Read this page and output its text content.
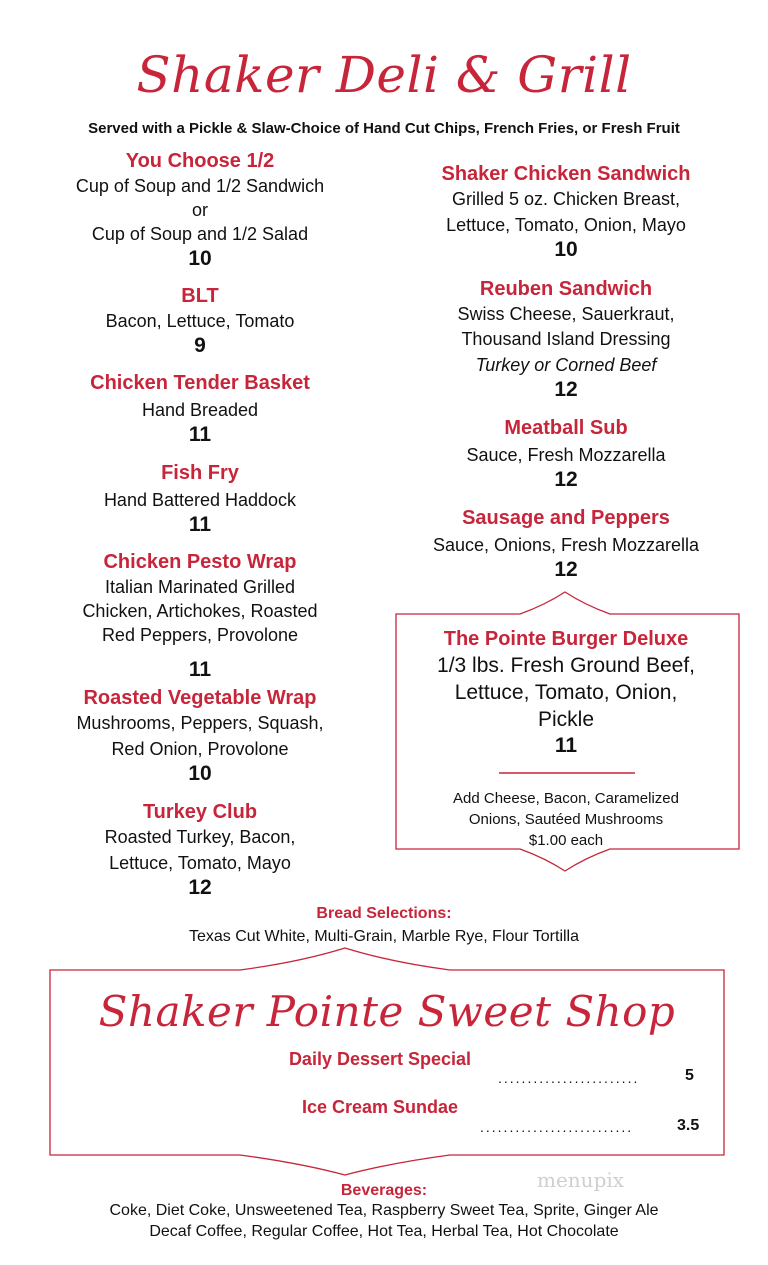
Shaker Deli & Grill
Served with a Pickle & Slaw-Choice of Hand Cut Chips, French Fries, or Fresh Fruit
You Choose 1/2
Cup of Soup and 1/2 Sandwich
or
Cup of Soup and 1/2 Salad
10
BLT
Bacon, Lettuce, Tomato
9
Chicken Tender Basket
Hand Breaded
11
Fish Fry
Hand Battered Haddock
11
Chicken Pesto Wrap
Italian Marinated Grilled
Chicken, Artichokes, Roasted
Red Peppers, Provolone
11
Roasted Vegetable Wrap
Mushrooms, Peppers, Squash,
Red Onion, Provolone
10
Turkey Club
Roasted Turkey, Bacon,
Lettuce, Tomato, Mayo
12
Shaker Chicken Sandwich
Grilled 5 oz. Chicken Breast,
Lettuce, Tomato, Onion, Mayo
10
Reuben Sandwich
Swiss Cheese, Sauerkraut,
Thousand Island Dressing
Turkey or Corned Beef
12
Meatball Sub
Sauce, Fresh Mozzarella
12
Sausage and Peppers
Sauce, Onions, Fresh Mozzarella
12
The Pointe Burger Deluxe
1/3 lbs. Fresh Ground Beef,
Lettuce, Tomato, Onion,
Pickle
11
Add Cheese, Bacon, Caramelized
Onions, Sautéed Mushrooms
$1.00 each
Bread Selections:
Texas Cut White, Multi-Grain, Marble Rye, Flour Tortilla
Shaker Pointe Sweet Shop
Daily Dessert Special
........................	5
Ice Cream Sundae
..........................	3.5
menupix
Beverages:
Coke, Diet Coke, Unsweetened Tea, Raspberry Sweet Tea, Sprite, Ginger Ale
Decaf Coffee, Regular Coffee, Hot Tea, Herbal Tea, Hot Chocolate
